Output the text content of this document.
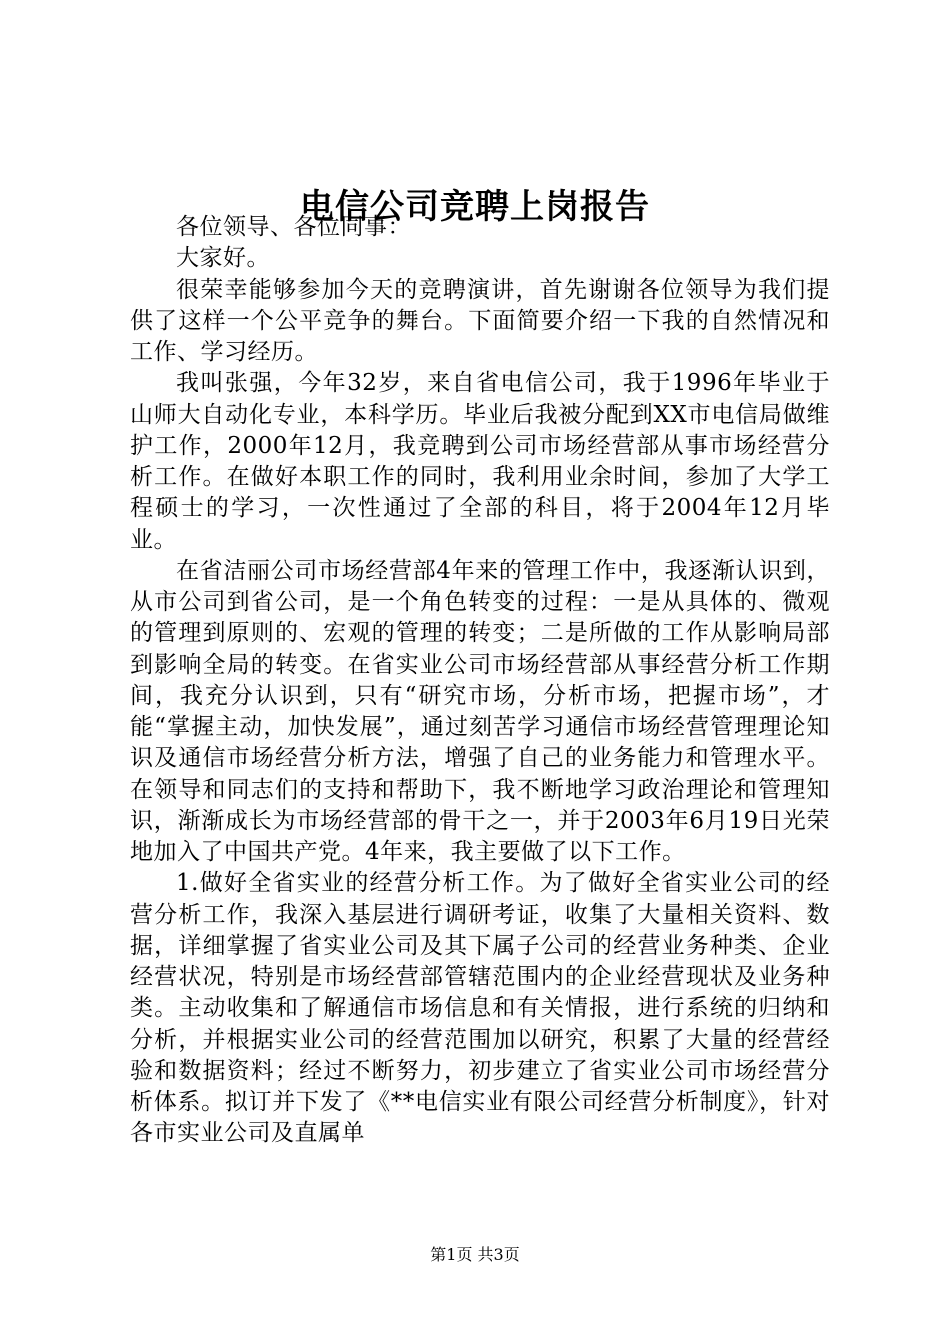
电信公司竞聘上岗报告

各位领导、各位同事：

大家好。

很荣幸能够参加今天的竞聘演讲，首先谢谢各位领导为我们提供了这样一个公平竞争的舞台。下面简要介绍一下我的自然情况和工作、学习经历。

我叫张强，今年32岁，来自省电信公司，我于1996年毕业于山师大自动化专业，本科学历。毕业后我被分配到XX市电信局做维护工作，2000年12月，我竞聘到公司市场经营部从事市场经营分析工作。在做好本职工作的同时，我利用业余时间，参加了大学工程硕士的学习，一次性通过了全部的科目，将于2004年12月毕业。

在省洁丽公司市场经营部4年来的管理工作中，我逐渐认识到，从市公司到省公司，是一个角色转变的过程：一是从具体的、微观的管理到原则的、宏观的管理的转变；二是所做的工作从影响局部到影响全局的转变。在省实业公司市场经营部从事经营分析工作期间，我充分认识到，只有“研究市场，分析市场，把握市场”，才能“掌握主动，加快发展”，通过刻苦学习通信市场经营管理理论知识及通信市场经营分析方法，增强了自己的业务能力和管理水平。在领导和同志们的支持和帮助下，我不断地学习政治理论和管理知识，渐渐成长为市场经营部的骨干之一，并于2003年6月19日光荣地加入了中国共产党。4年来，我主要做了以下工作。

1.做好全省实业的经营分析工作。为了做好全省实业公司的经营分析工作，我深入基层进行调研考证，收集了大量相关资料、数据，详细掌握了省实业公司及其下属子公司的经营业务种类、企业经营状况，特别是市场经营部管辖范围内的企业经营现状及业务种类。主动收集和了解通信市场信息和有关情报，进行系统的归纳和分析，并根据实业公司的经营范围加以研究，积累了大量的经营经验和数据资料；经过不断努力，初步建立了省实业公司市场经营分析体系。拟订并下发了《**电信实业有限公司经营分析制度》，针对各市实业公司及直属单

第1页 共3页
